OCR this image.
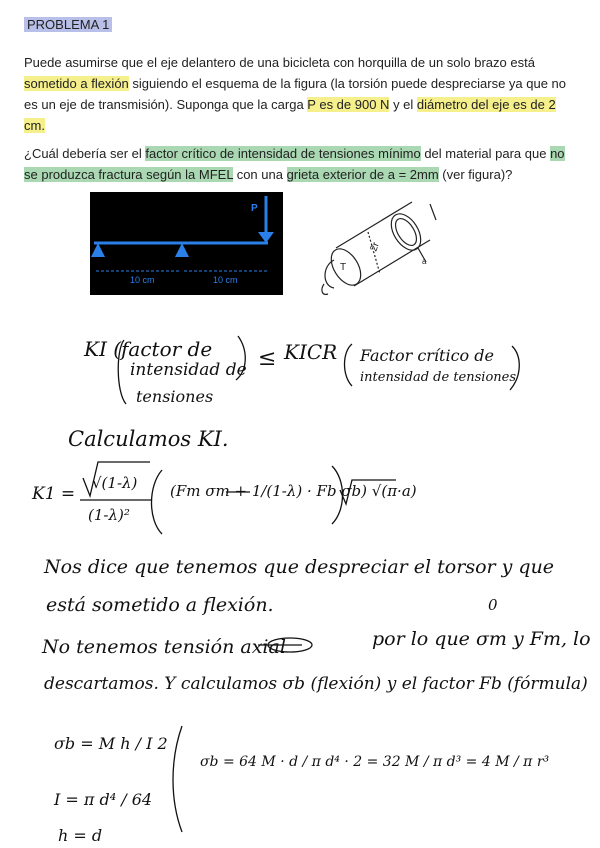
PROBLEMA 1

Puede asumirse que el eje delantero de una bicicleta con horquilla de un solo brazo está sometido a flexión siguiendo el esquema de la figura (la torsión puede despreciarse ya que no es un eje de transmisión). Suponga que la carga P es de 900 N y el diámetro del eje es de 2 cm.

¿Cuál debería ser el factor crítico de intensidad de tensiones mínimo del material para que no se produzca fractura según la MFEL con una grieta exterior de a = 2mm (ver figura)?

P
10 cm	10 cm
2r
a
T
KI (factor de
intensidad de
tensiones
≤ KICR Factor crítico de
intensidad de tensiones
Calculamos KI.
K1 =
√(1-λ)
(1-λ)²
(Fm σm + 1/(1-λ) · Fb σb) √(π·a)
Nos dice que tenemos que despreciar el torsor y que
está sometido a flexión.	0
No tenemos tensión axial	por lo que σm y Fm, lo
descartamos. Y calculamos σb (flexión) y el factor Fb (fórmula)
σb = M h / I 2
I = π d⁴ / 64
h = d
σb = 64 M · d / π d⁴ · 2 = 32 M / π d³ = 4 M / π r³
